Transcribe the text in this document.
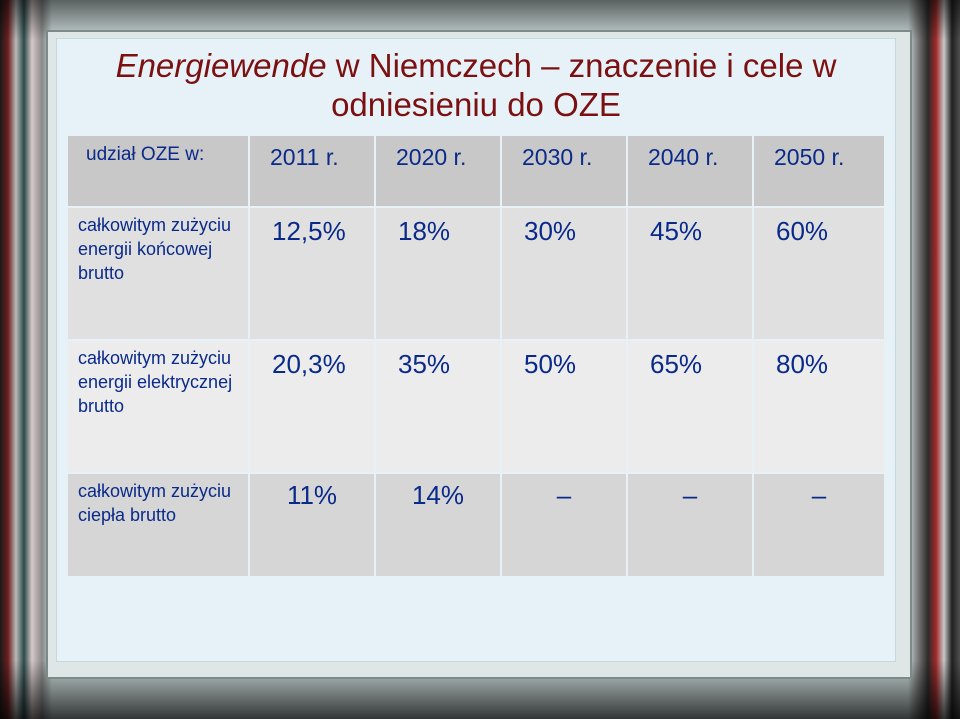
Energiewende w Niemczech – znaczenie i cele w odniesieniu do OZE
udział OZE w:	2011 r.	2020 r.	2030 r.	2040 r.	2050 r.
całkowitym zużyciu energii końcowej brutto	12,5%	18%	30%	45%	60%
całkowitym zużyciu energii elektrycznej brutto	20,3%	35%	50%	65%	80%
całkowitym zużyciu ciepła brutto	11%	14%	–	–	–
